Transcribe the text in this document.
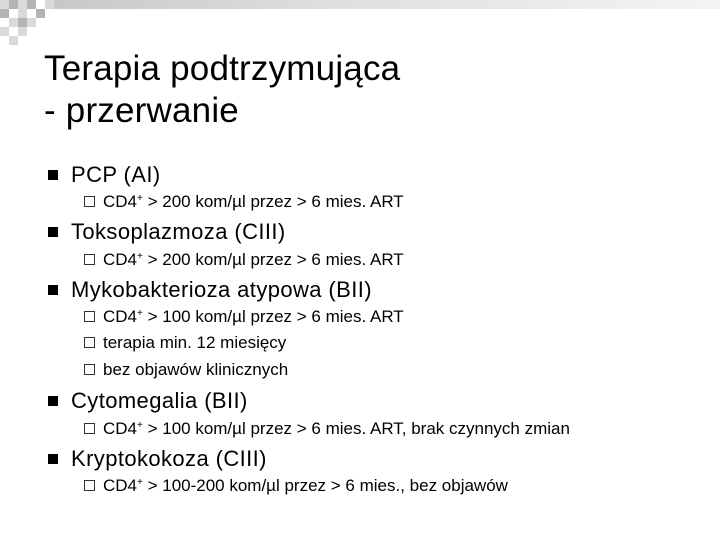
Terapia podtrzymująca
- przerwanie
PCP (AI)
CD4+ > 200 kom/µl przez > 6 mies. ART
Toksoplazmoza (CIII)
CD4+ > 200 kom/µl przez > 6 mies. ART
Mykobakterioza atypowa (BII)
CD4+ > 100 kom/µl przez > 6 mies. ART
terapia min. 12 miesięcy
bez objawów klinicznych
Cytomegalia (BII)
CD4+ > 100 kom/µl przez > 6 mies. ART, brak czynnych zmian
Kryptokokoza (CIII)
CD4+ > 100-200 kom/µl przez > 6 mies., bez objawów
